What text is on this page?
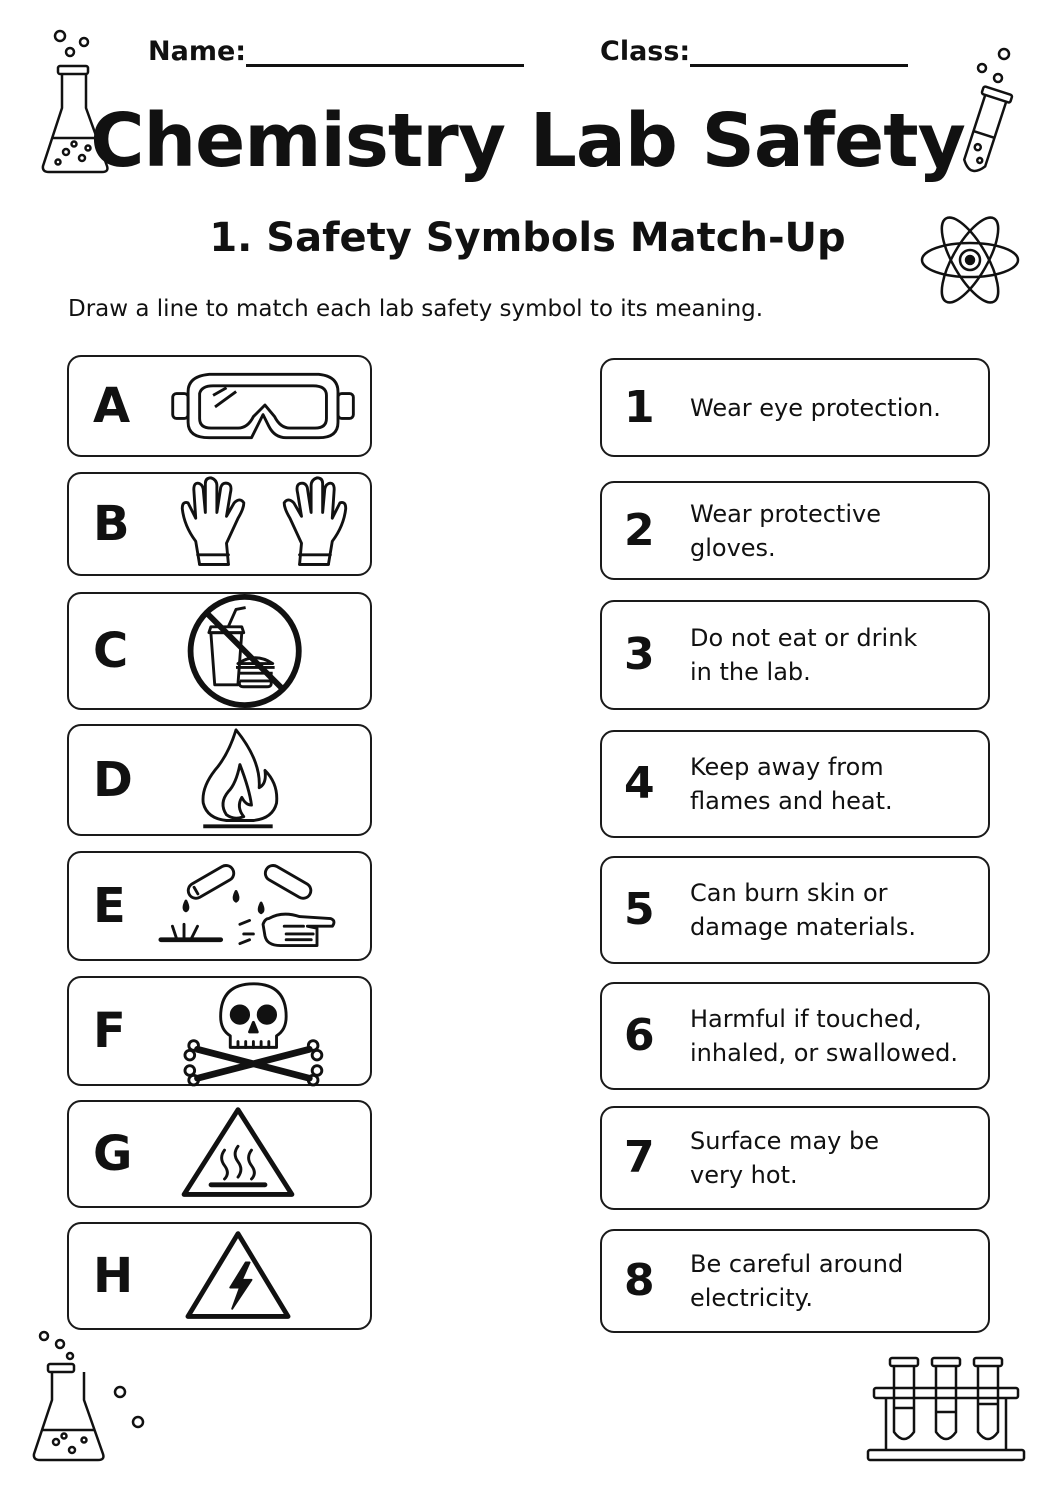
Name:	Class:
Chemistry Lab Safety
1. Safety Symbols Match-Up
Draw a line to match each lab safety symbol to its meaning.
A
B
C
D
E
F
G
H
1 Wear eye protection.
2 Wear protective gloves.
3 Do not eat or drink
in the lab.
4 Keep away from
flames and heat.
5 Can burn skin or
damage materials.
6 Harmful if touched,
inhaled, or swallowed.
7 Surface may be
very hot.
8 Be careful around
electricity.
